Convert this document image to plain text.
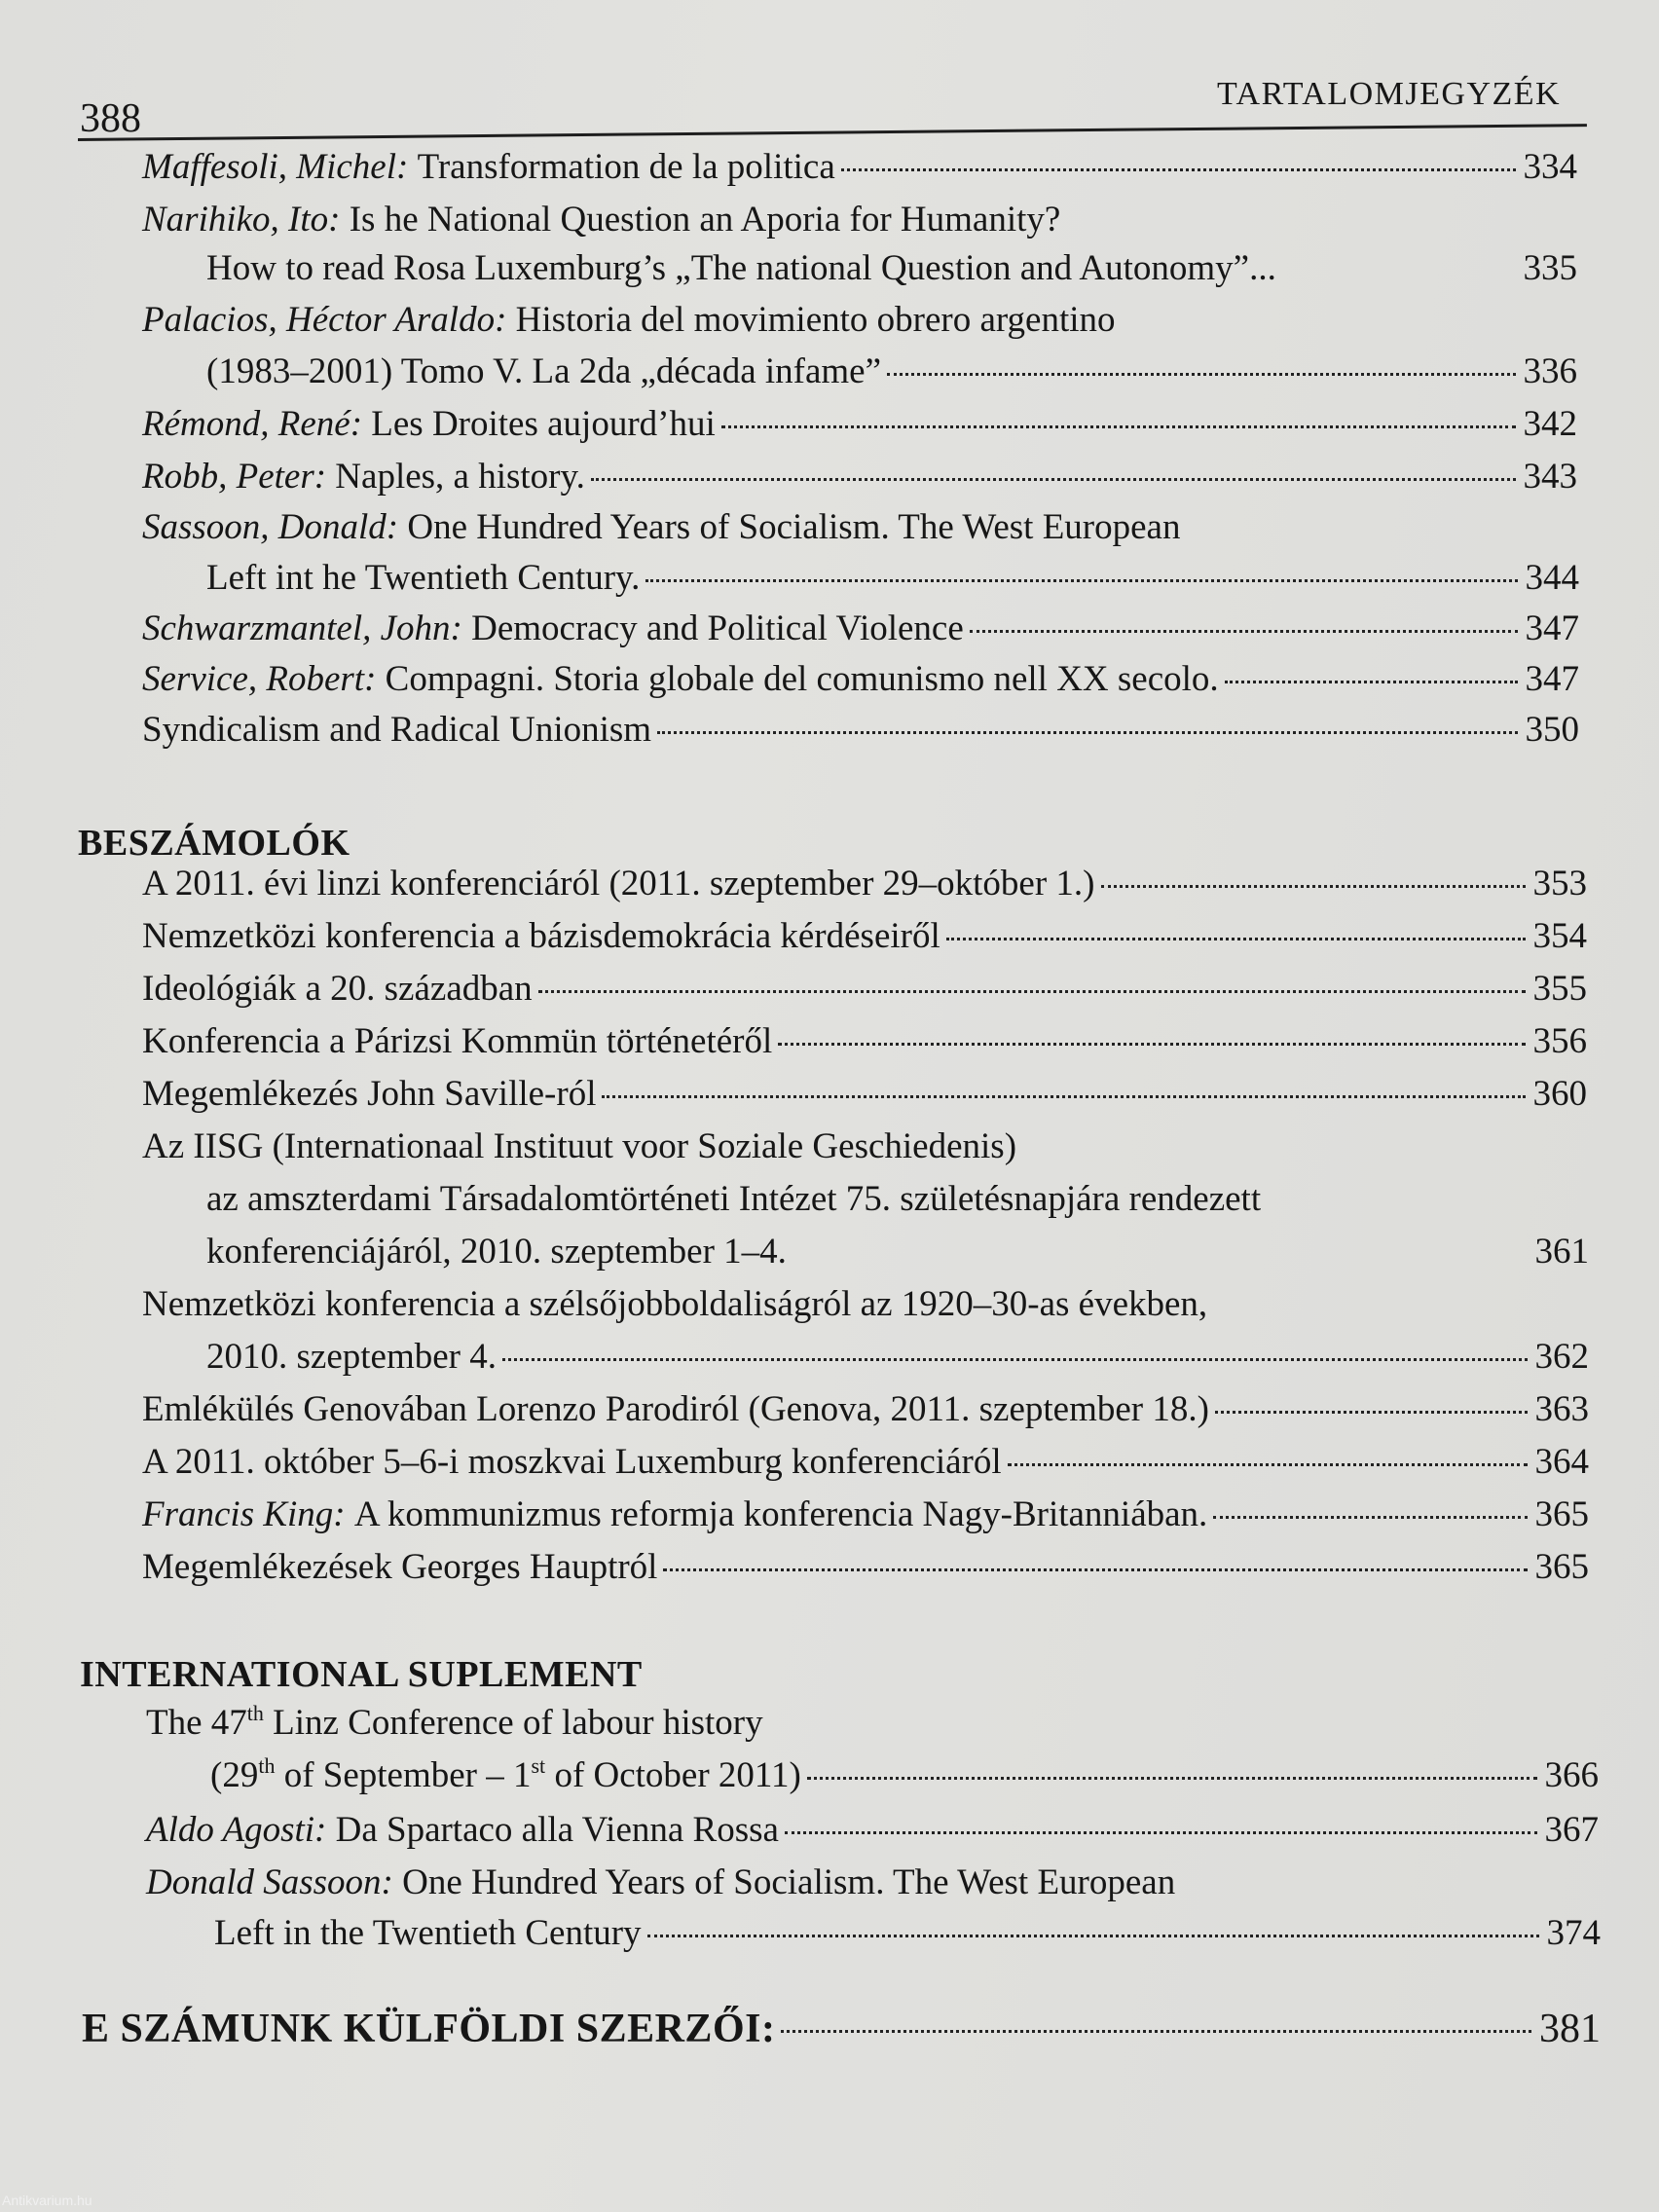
388
TARTALOMJEGYZÉK
Maffesoli, Michel:
Transformation de la politica	334
Narihiko, Ito: Is he National Question an Aporia for Humanity?
How to read Rosa Luxemburg’s „The national Question and Autonomy”...	335
Palacios, Héctor Araldo: Historia del movimiento obrero argentino
(1983–2001) Tomo V. La 2da „década infame”	336
Rémond, René:
Les Droites aujourd’hui	342
Robb, Peter:
Naples, a history.	343
Sassoon, Donald: One Hundred Years of Socialism. The West European
Left int he Twentieth Century.	344
Schwarzmantel, John:
Democracy and Political Violence	347
Service, Robert:
Compagni. Storia globale del comunismo nell XX secolo.	347
Syndicalism and Radical Unionism	350
BESZÁMOLÓK
A 2011. évi linzi konferenciáról (2011. szeptember 29–október 1.)	353
Nemzetközi konferencia a bázisdemokrácia kérdéseiről	354
Ideológiák a 20. században	355
Konferencia a Párizsi Kommün történetéről	356
Megemlékezés John Saville-ról	360
Az IISG (Internationaal Instituut voor Soziale Geschiedenis)
az amszterdami Társadalomtörténeti Intézet 75. születésnapjára rendezett
konferenciájáról, 2010. szeptember 1–4.	361
Nemzetközi konferencia a szélsőjobboldaliságról az 1920–30-as években,
2010. szeptember 4.	362
Emlékülés Genovában Lorenzo Parodiról (Genova, 2011. szeptember 18.)	363
A 2011. október 5–6-i moszkvai Luxemburg konferenciáról	364
Francis King:
A kommunizmus reformja konferencia Nagy-Britanniában.	365
Megemlékezések Georges Hauptról	365
INTERNATIONAL SUPLEMENT
The 47th Linz Conference of labour history
(29th of September – 1st of October 2011)	366
Aldo Agosti:
Da Spartaco alla Vienna Rossa	367
Donald Sassoon: One Hundred Years of Socialism. The West European
Left in the Twentieth Century	374
E SZÁMUNK KÜLFÖLDI SZERZŐI:	381
Antikvarium.hu
